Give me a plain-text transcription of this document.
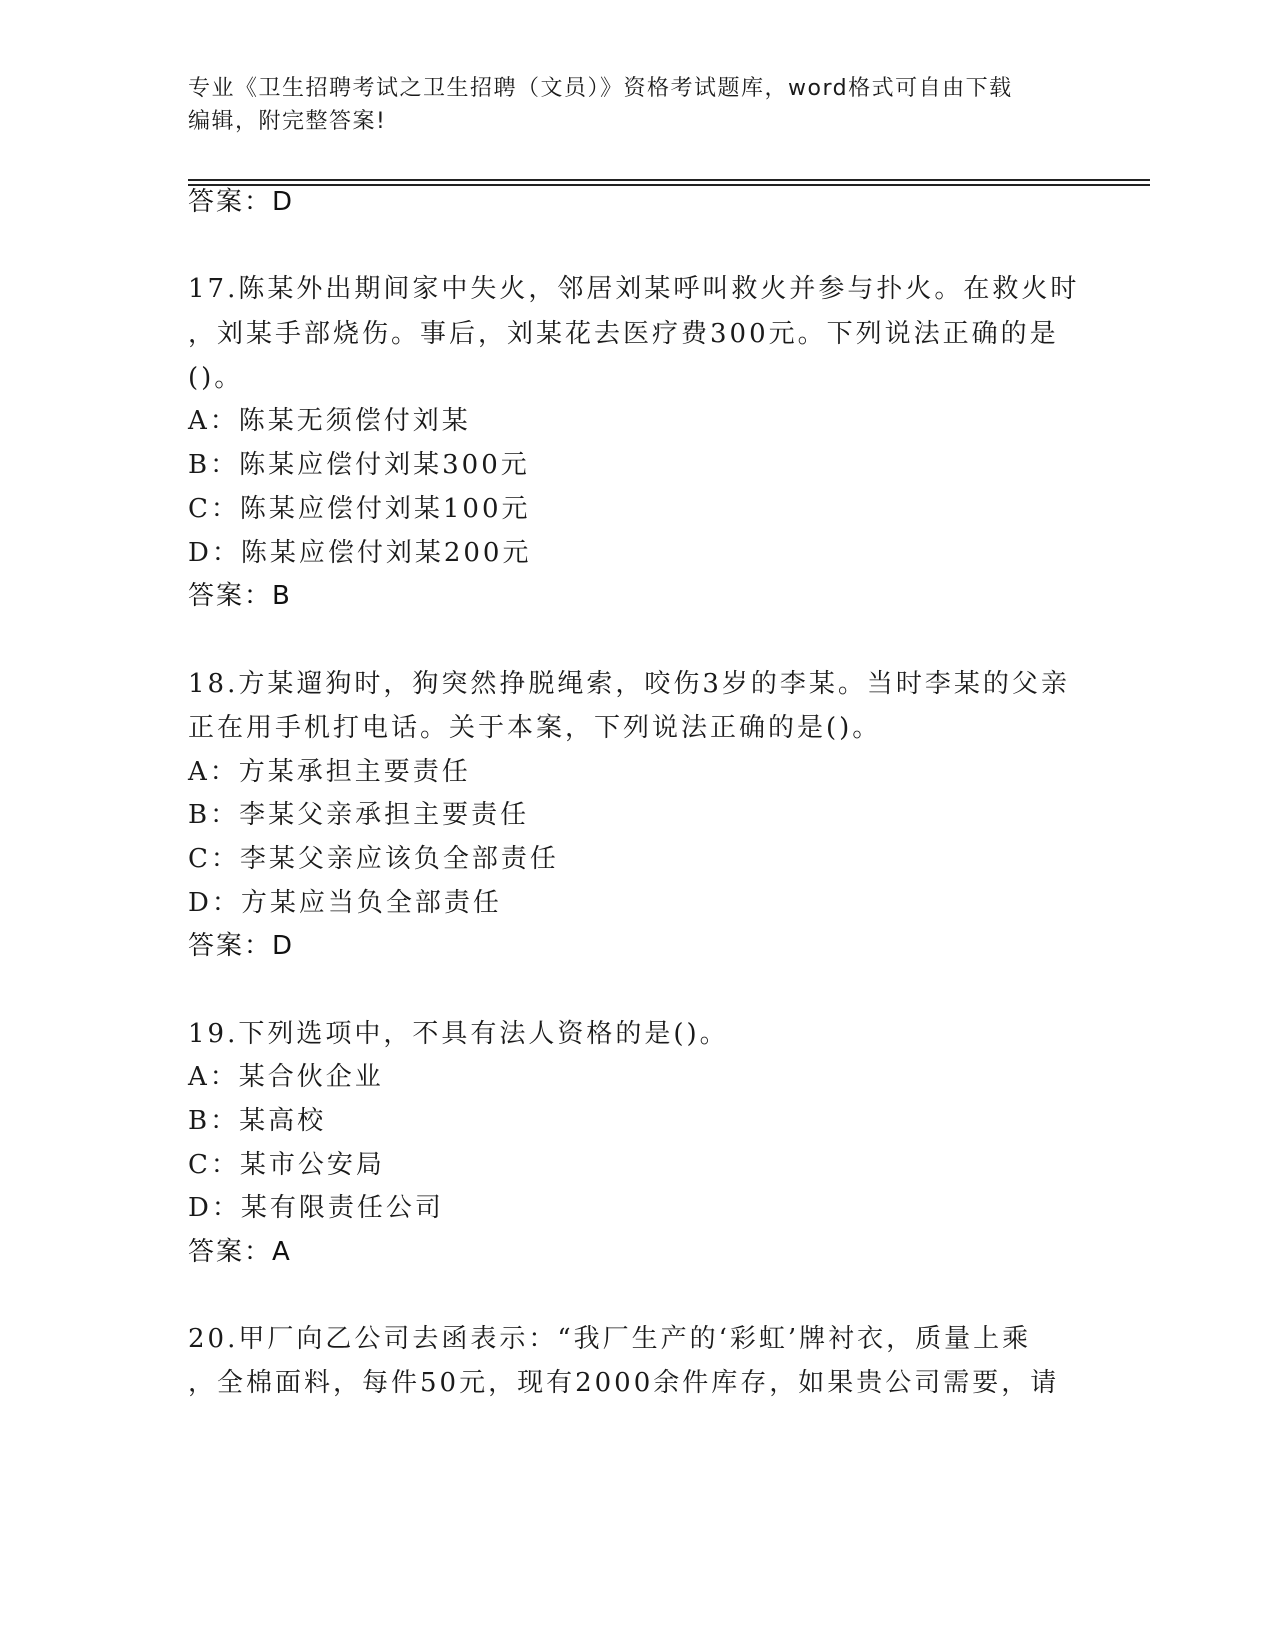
专业《卫生招聘考试之卫生招聘（文员）》资格考试题库，word格式可自由下载
编辑，附完整答案!
答案：D
17.陈某外出期间家中失火，邻居刘某呼叫救火并参与扑火。在救火时
，刘某手部烧伤。事后，刘某花去医疗费300元。下列说法正确的是
()。
A：陈某无须偿付刘某
B：陈某应偿付刘某300元
C：陈某应偿付刘某100元
D：陈某应偿付刘某200元
答案：B
18.方某遛狗时，狗突然挣脱绳索，咬伤3岁的李某。当时李某的父亲
正在用手机打电话。关于本案，下列说法正确的是()。
A：方某承担主要责任
B：李某父亲承担主要责任
C：李某父亲应该负全部责任
D：方某应当负全部责任
答案：D
19.下列选项中，不具有法人资格的是()。
A：某合伙企业
B：某高校
C：某市公安局
D：某有限责任公司
答案：A
20.甲厂向乙公司去函表示：“我厂生产的‘彩虹’牌衬衣，质量上乘
，全棉面料，每件50元，现有2000余件库存，如果贵公司需要，请
